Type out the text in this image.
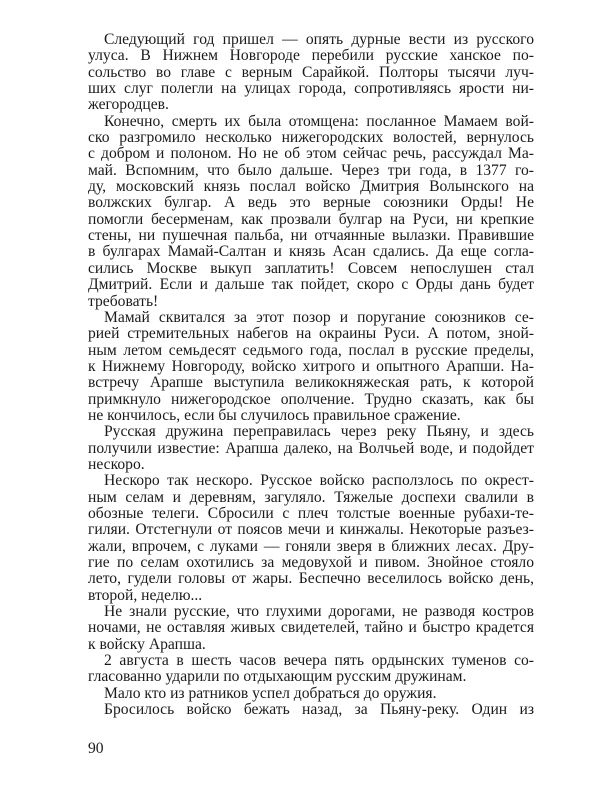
Следующий год пришел — опять дурные вести из русского
улуса. В Нижнем Новгороде перебили русские ханское по-
сольство во главе с верным Сарайкой. Полторы тысячи луч-
ших слуг полегли на улицах города, сопротивляясь ярости ни-
жегородцев.
Конечно, смерть их была отомщена: посланное Мамаем вой-
ско разгромило несколько нижегородских волостей, вернулось
с добром и полоном. Но не об этом сейчас речь, рассуждал Ма-
май. Вспомним, что было дальше. Через три года, в 1377 го-
ду, московский князь послал войско Дмитрия Волынского на
волжских булгар. А ведь это верные союзники Орды! Не
помогли бесерменам, как прозвали булгар на Руси, ни крепкие
стены, ни пушечная пальба, ни отчаянные вылазки. Правившие
в булгарах Мамай-Салтан и князь Асан сдались. Да еще согла-
сились Москве выкуп заплатить! Совсем непослушен стал
Дмитрий. Если и дальше так пойдет, скоро с Орды дань будет
требовать!
Мамай сквитался за этот позор и поругание союзников се-
рией стремительных набегов на окраины Руси. А потом, зной-
ным летом семьдесят седьмого года, послал в русские пределы,
к Нижнему Новгороду, войско хитрого и опытного Арапши. На-
встречу Арапше выступила великокняжеская рать, к которой
примкнуло нижегородское ополчение. Трудно сказать, как бы
не кончилось, если бы случилось правильное сражение.
Русская дружина переправилась через реку Пьяну, и здесь
получили известие: Арапша далеко, на Волчьей воде, и подойдет
нескоро.
Нескоро так нескоро. Русское войско расползлось по окрест-
ным селам и деревням, загуляло. Тяжелые доспехи свалили в
обозные телеги. Сбросили с плеч толстые военные рубахи-те-
гиляи. Отстегнули от поясов мечи и кинжалы. Некоторые разъез-
жали, впрочем, с луками — гоняли зверя в ближних лесах. Дру-
гие по селам охотились за медовухой и пивом. Знойное стояло
лето, гудели головы от жары. Беспечно веселилось войско день,
второй, неделю...
Не знали русские, что глухими дорогами, не разводя костров
ночами, не оставляя живых свидетелей, тайно и быстро крадется
к войску Арапша.
2 августа в шесть часов вечера пять ордынских туменов со-
гласованно ударили по отдыхающим русским дружинам.
Мало кто из ратников успел добраться до оружия.
Бросилось войско бежать назад, за Пьяну-реку. Один из
90
